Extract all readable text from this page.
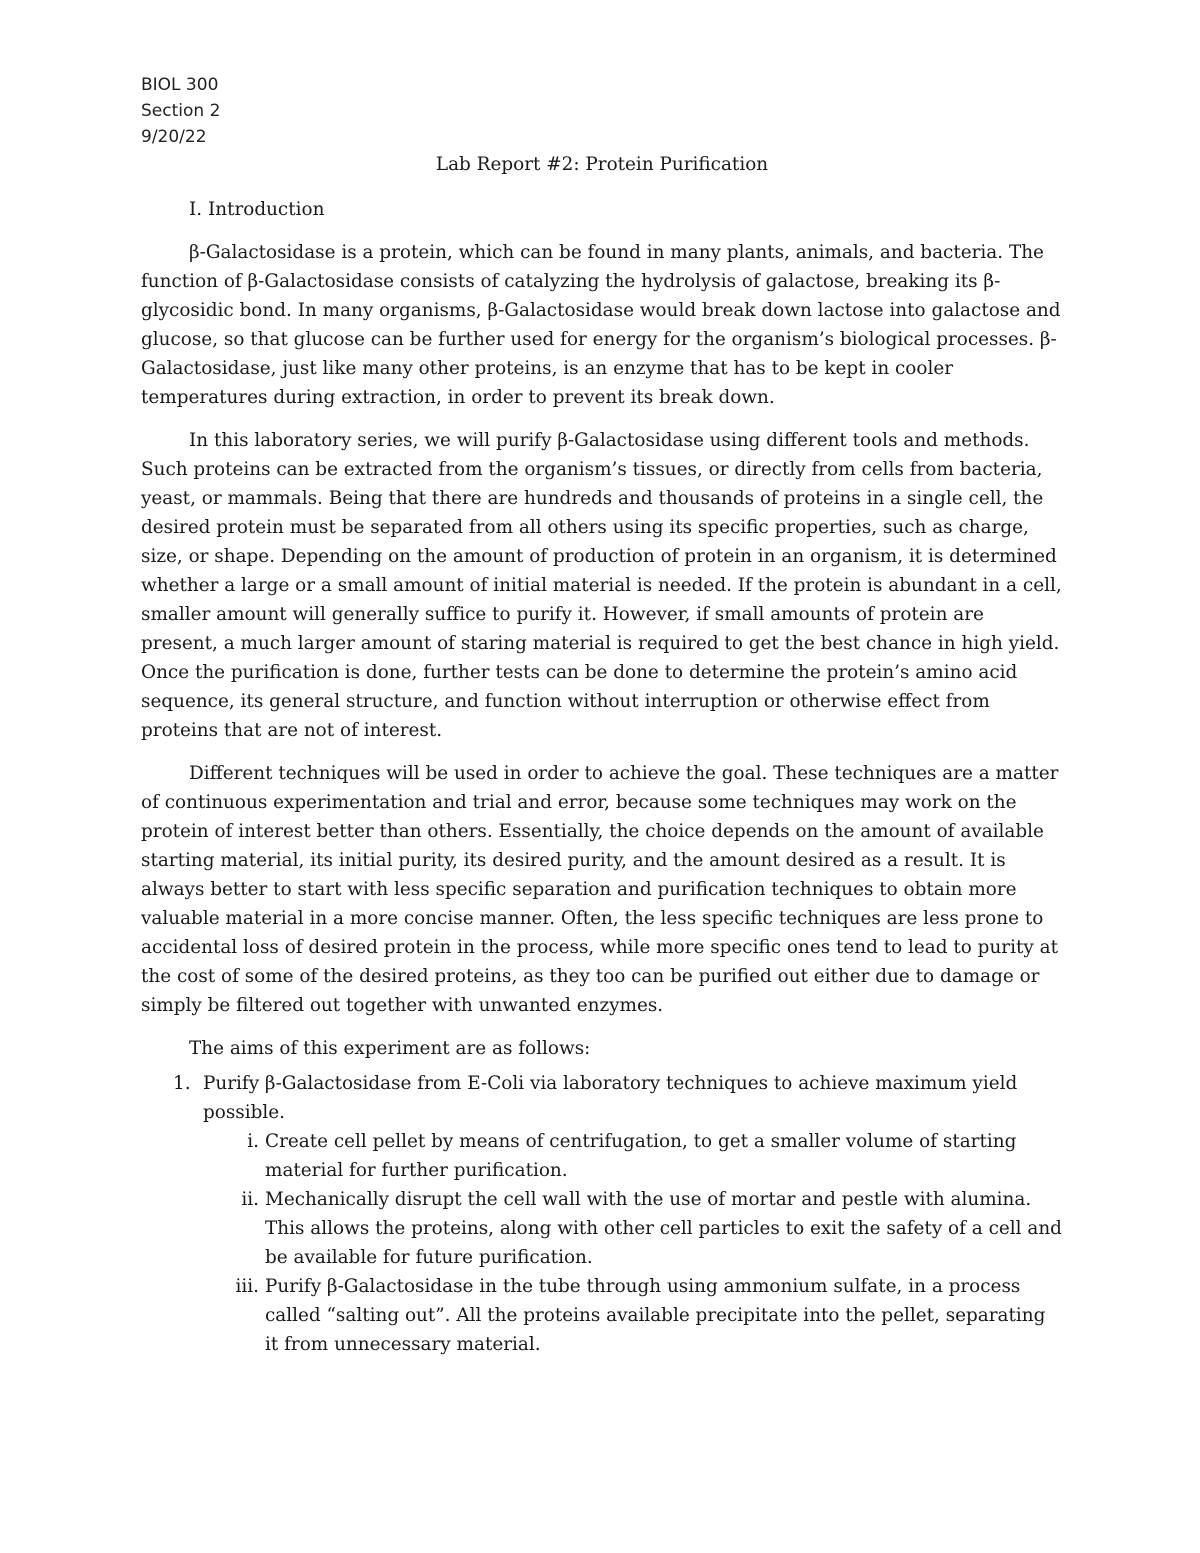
BIOL 300
Section 2
9/20/22
Lab Report #2: Protein Purification
I. Introduction

β-Galactosidase is a protein, which can be found in many plants, animals, and bacteria. The function of β-Galactosidase consists of catalyzing the hydrolysis of galactose, breaking its β-glycosidic bond. In many organisms, β-Galactosidase would break down lactose into galactose and glucose, so that glucose can be further used for energy for the organism’s biological processes. β-Galactosidase, just like many other proteins, is an enzyme that has to be kept in cooler temperatures during extraction, in order to prevent its break down.

In this laboratory series, we will purify β-Galactosidase using different tools and methods. Such proteins can be extracted from the organism’s tissues, or directly from cells from bacteria, yeast, or mammals. Being that there are hundreds and thousands of proteins in a single cell, the desired protein must be separated from all others using its specific properties, such as charge, size, or shape. Depending on the amount of production of protein in an organism, it is determined whether a large or a small amount of initial material is needed. If the protein is abundant in a cell, smaller amount will generally suffice to purify it. However, if small amounts of protein are present, a much larger amount of staring material is required to get the best chance in high yield. Once the purification is done, further tests can be done to determine the protein’s amino acid sequence, its general structure, and function without interruption or otherwise effect from proteins that are not of interest.

Different techniques will be used in order to achieve the goal. These techniques are a matter of continuous experimentation and trial and error, because some techniques may work on the protein of interest better than others. Essentially, the choice depends on the amount of available starting material, its initial purity, its desired purity, and the amount desired as a result. It is always better to start with less specific separation and purification techniques to obtain more valuable material in a more concise manner. Often, the less specific techniques are less prone to accidental loss of desired protein in the process, while more specific ones tend to lead to purity at the cost of some of the desired proteins, as they too can be purified out either due to damage or simply be filtered out together with unwanted enzymes.

The aims of this experiment are as follows:

1. Purify β-Galactosidase from E-Coli via laboratory techniques to achieve maximum yield possible.
i. Create cell pellet by means of centrifugation, to get a smaller volume of starting material for further purification.
ii. Mechanically disrupt the cell wall with the use of mortar and pestle with alumina. This allows the proteins, along with other cell particles to exit the safety of a cell and be available for future purification.
iii. Purify β-Galactosidase in the tube through using ammonium sulfate, in a process called “salting out”. All the proteins available precipitate into the pellet, separating it from unnecessary material.
